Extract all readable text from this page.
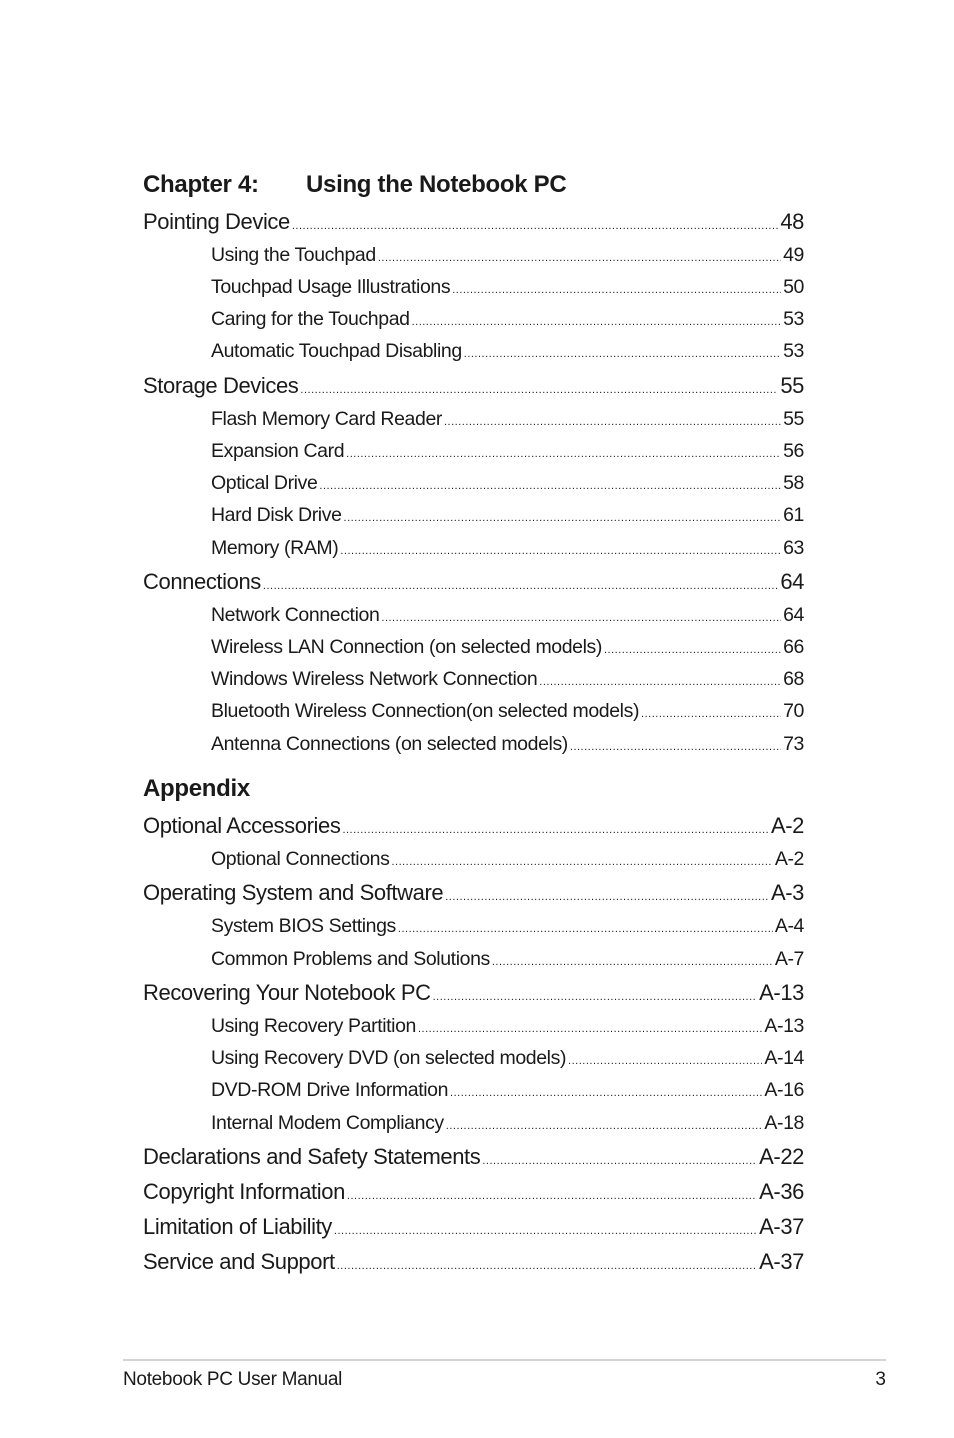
Chapter 4: Using the Notebook PC
Pointing Device .....	48
Using the Touchpad .....	49
Touchpad Usage Illustrations .....	50
Caring for the Touchpad .....	53
Automatic Touchpad Disabling .....	53
Storage Devices .....	55
Flash Memory Card Reader .....	55
Expansion Card .....	56
Optical Drive .....	58
Hard Disk Drive .....	61
Memory (RAM) .....	63
Connections .....	64
Network Connection .....	64
Wireless LAN Connection (on selected models) .....	66
Windows Wireless Network Connection .....	68
Bluetooth Wireless Connection(on selected models) .....	70
Antenna Connections (on selected models) .....	73
Appendix
Optional Accessories .....	A-2
Optional Connections .....	A-2
Operating System and Software .....	A-3
System BIOS Settings .....	A-4
Common Problems and Solutions .....	A-7
Recovering Your Notebook PC .....	A-13
Using Recovery Partition .....	A-13
Using Recovery DVD (on selected models) .....	A-14
DVD-ROM Drive Information .....	A-16
Internal Modem Compliancy .....	A-18
Declarations and Safety Statements .....	A-22
Copyright Information .....	A-36
Limitation of Liability .....	A-37
Service and Support .....	A-37
Notebook PC User Manual	3
